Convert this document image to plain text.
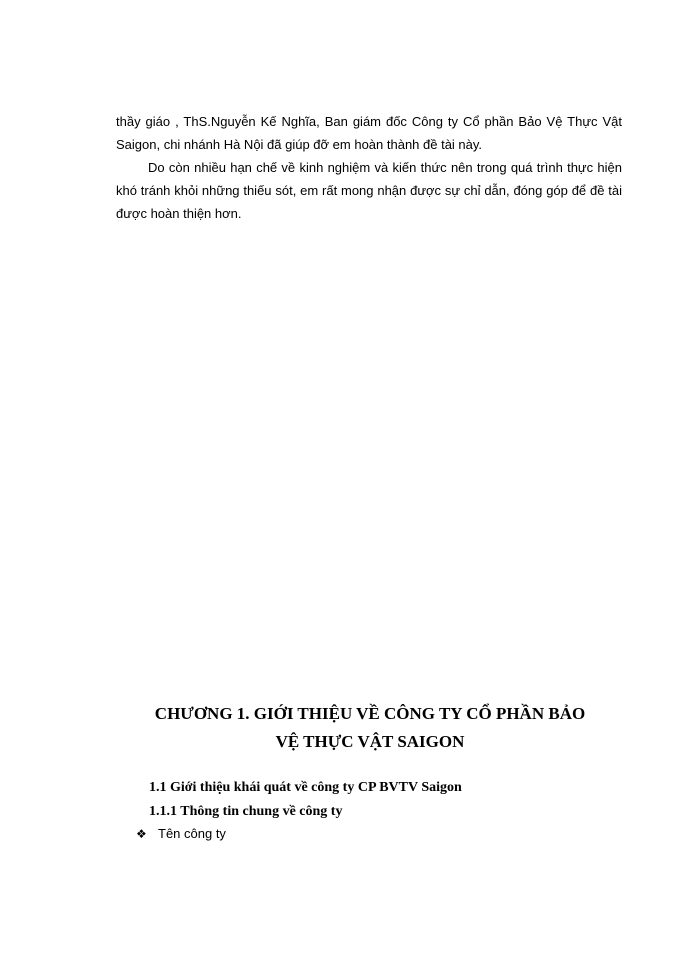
thầy giáo , ThS.Nguyễn Kế Nghĩa, Ban giám đốc Công ty Cổ phần Bảo Vệ Thực Vật Saigon, chi nhánh Hà Nội đã giúp đỡ em hoàn thành đề tài này.

Do còn nhiều hạn chế về kinh nghiệm và kiến thức nên trong quá trình thực hiện khó tránh khỏi những thiếu sót, em rất mong nhận được sự chỉ dẫn, đóng góp để đề tài được hoàn thiện hơn.

CHƯƠNG 1. GIỚI THIỆU VỀ CÔNG TY CỔ PHẦN BẢO
VỆ THỰC VẬT SAIGON
1.1 Giới thiệu khái quát về công ty CP BVTV Saigon
1.1.1 Thông tin chung về công ty
❖ Tên công ty
